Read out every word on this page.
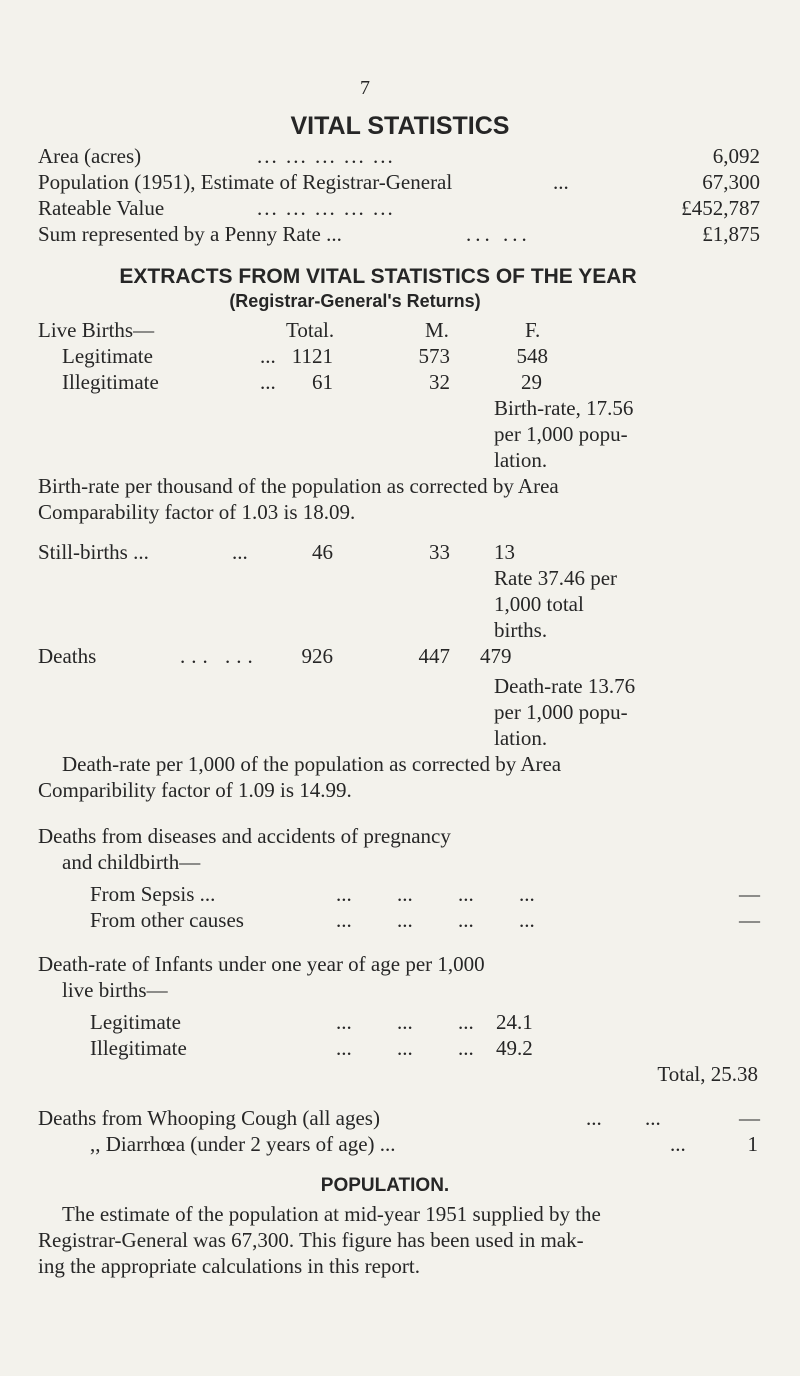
7
VITAL STATISTICS
Area (acres)	... ... ... ... ...	6,092
Population (1951), Estimate of Registrar-General	...	67,300
Rateable Value	... ... ... ... ...	£452,787
Sum represented by a Penny Rate ...	... ...	£1,875
EXTRACTS FROM VITAL STATISTICS OF THE YEAR
(Registrar-General's Returns)
Live Births—	Total.	M.	F.
Legitimate	... 1121	573	548
Illegitimate	... 61	32	29
Birth-rate, 17.56
per 1,000 popu-
lation.
Birth-rate per thousand of the population as corrected by Area
Comparability factor of 1.03 is 18.09.
Still-births ...	...	46	33 13
Rate 37.46 per
1,000 total
births.
Deaths	... ... 926	447 479
Death-rate 13.76
per 1,000 popu-
lation.
Death-rate per 1,000 of the population as corrected by Area
Comparibility factor of 1.09 is 14.99.
Deaths from diseases and accidents of pregnancy
and childbirth—
From Sepsis ...	... ... ... ...	—
From other causes	... ... ... ...	—
Death-rate of Infants under one year of age per 1,000
live births—
Legitimate	... ... ... 24.1
Illegitimate	... ... ... 49.2
Total, 25.38
Deaths from Whooping Cough (all ages)	... ...	—
,, Diarrhœa (under 2 years of age) ...	...	1
POPULATION.
The estimate of the population at mid-year 1951 supplied by the
Registrar-General was 67,300. This figure has been used in mak-
ing the appropriate calculations in this report.
